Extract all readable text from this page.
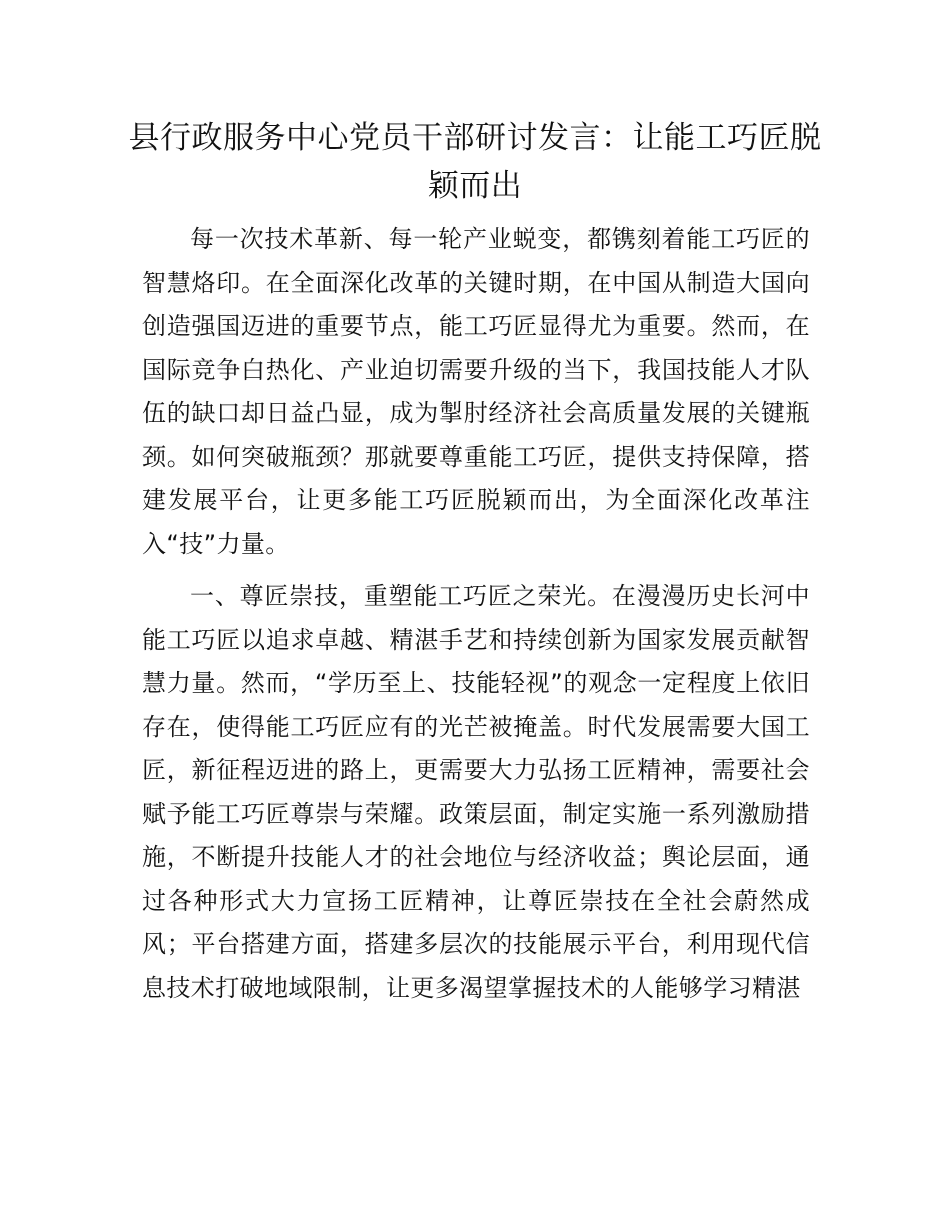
县行政服务中心党员干部研讨发言：让能工巧匠脱颖而出

每一次技术革新、每一轮产业蜕变，都镌刻着能工巧匠的智慧烙印。在全面深化改革的关键时期，在中国从制造大国向创造强国迈进的重要节点，能工巧匠显得尤为重要。然而，在国际竞争白热化、产业迫切需要升级的当下，我国技能人才队伍的缺口却日益凸显，成为掣肘经济社会高质量发展的关键瓶颈。如何突破瓶颈？那就要尊重能工巧匠，提供支持保障，搭建发展平台，让更多能工巧匠脱颖而出，为全面深化改革注入“技”力量。

一、尊匠崇技，重塑能工巧匠之荣光。在漫漫历史长河中能工巧匠以追求卓越、精湛手艺和持续创新为国家发展贡献智慧力量。然而，“学历至上、技能轻视”的观念一定程度上依旧存在，使得能工巧匠应有的光芒被掩盖。时代发展需要大国工匠，新征程迈进的路上，更需要大力弘扬工匠精神，需要社会赋予能工巧匠尊崇与荣耀。政策层面，制定实施一系列激励措施，不断提升技能人才的社会地位与经济收益；舆论层面，通过各种形式大力宣扬工匠精神，让尊匠崇技在全社会蔚然成风；平台搭建方面，搭建多层次的技能展示平台，利用现代信息技术打破地域限制，让更多渴望掌握技术的人能够学习精湛
